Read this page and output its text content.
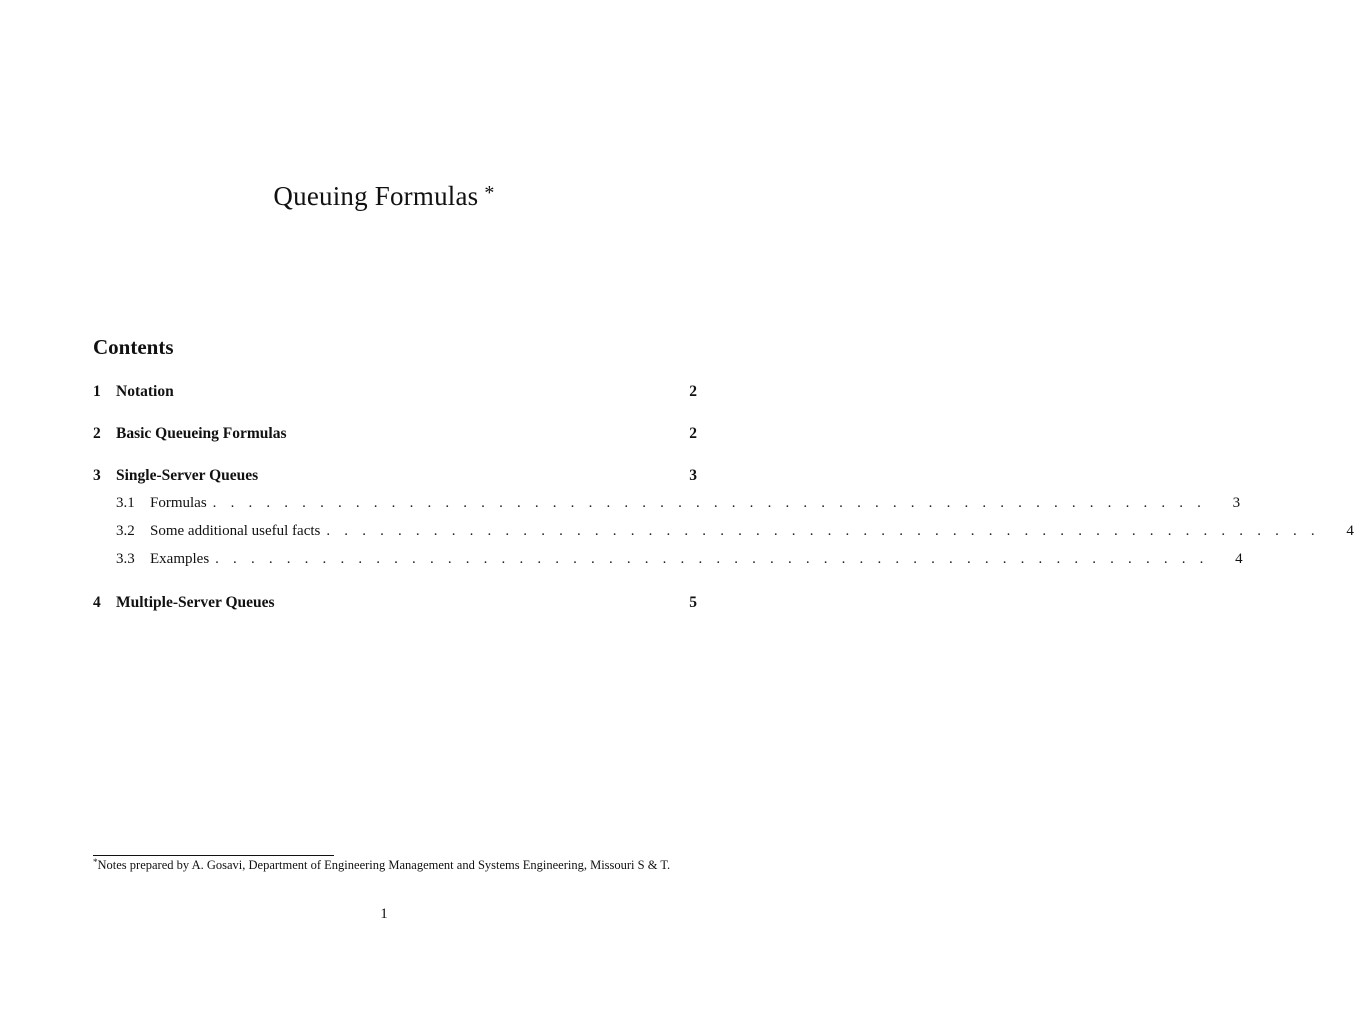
Queuing Formulas *
Contents
1 Notation	2
2 Basic Queueing Formulas	2
3 Single-Server Queues	3
3.1	Formulas . . . . . . . . . . . . . . . . . . . . . . . . . . . . . . . . . . . . . . . . . . . . . . . . . . . . . . . . 3
3.2	Some additional useful facts . . . . . . . . . . . . . . . . . . . . . . . . . . . . . . . . . . . . . . . . . . . . . . . . . . . . . . . . 4
3.3	Examples . . . . . . . . . . . . . . . . . . . . . . . . . . . . . . . . . . . . . . . . . . . . . . . . . . . . . . . . 4
4 Multiple-Server Queues	5
*Notes prepared by A. Gosavi, Department of Engineering Management and Systems Engineering, Missouri S & T.
1
